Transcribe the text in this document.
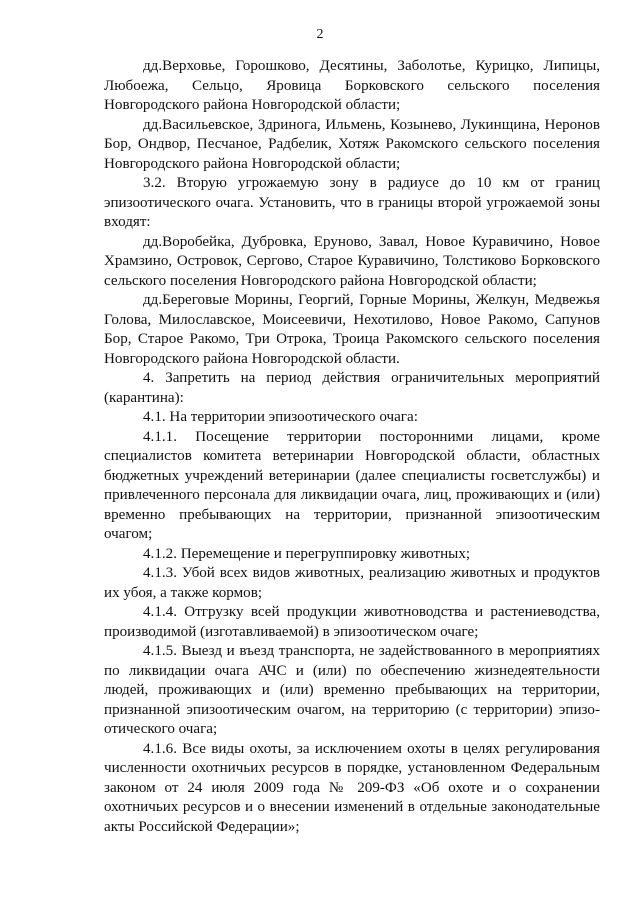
2

дд.Верховье, Горошково, Десятины, Заболотье, Курицко, Липицы, Любоежа, Сельцо, Яровица Борковского сельского поселения Новгородского района Новгородской области;

дд.Васильевское, Здринога, Ильмень, Козынево, Лукинщина, Неронов Бор, Ондвор, Песчаное, Радбелик, Хотяж Ракомского сельского поселения Новгородского района Новгородской области;

3.2. Вторую угрожаемую зону в радиусе до 10 км от границ эпизоотического очага. Установить, что в границы второй угрожаемой зоны входят:

дд.Воробейка, Дубровка, Еруново, Завал, Новое Куравичино, Новое Храмзино, Островок, Сергово, Старое Куравичино, Толстиково Борковского сельского поселения Новгородского района Новгородской области;

дд.Береговые Морины, Георгий, Горные Морины, Желкун, Медвежья Голова, Милославское, Моисеевичи, Нехотилово, Новое Ракомо, Сапунов Бор, Старое Ракомо, Три Отрока, Троица Ракомского сельского поселения Новгородского района Новгородской области.

4. Запретить на период действия ограничительных мероприятий (карантина):

4.1. На территории эпизоотического очага:

4.1.1. Посещение территории посторонними лицами, кроме специалистов комитета ветеринарии Новгородской области, областных бюджетных учреждений ветеринарии (далее специалисты госветслужбы) и привлеченного персонала для ликвидации очага, лиц, проживающих и (или) временно пребывающих на территории, признанной эпизоотическим очагом;

4.1.2. Перемещение и перегруппировку животных;

4.1.3. Убой всех видов животных, реализацию животных и продуктов их убоя, а также кормов;

4.1.4. Отгрузку всей продукции животноводства и растениеводства, производимой (изготавливаемой) в эпизоотическом очаге;

4.1.5. Выезд и въезд транспорта, не задействованного в мероприятиях по ликвидации очага АЧС и (или) по обеспечению жизнедеятельности людей, проживающих и (или) временно пребывающих на территории, признанной эпизоотическим очагом, на территорию (с территории) эпизоотического очага;

4.1.6. Все виды охоты, за исключением охоты в целях регулирования численности охотничьих ресурсов в порядке, установленном Федеральным законом от 24 июля 2009 года № 209-ФЗ «Об охоте и о сохранении охотничьих ресурсов и о внесении изменений в отдельные законодательные акты Российской Федерации»;
